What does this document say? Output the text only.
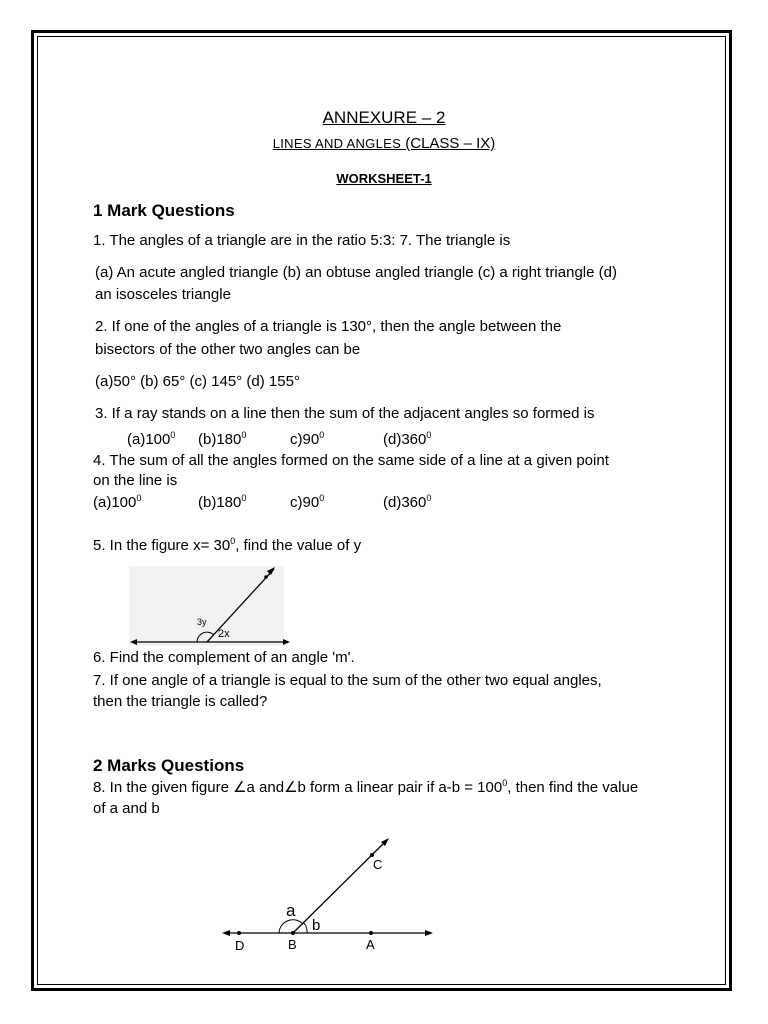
ANNEXURE – 2
LINES AND ANGLES (CLASS – IX)
WORKSHEET-1
1 Mark Questions
1. The angles of a triangle are in the ratio 5:3: 7. The triangle is
(a) An acute angled triangle (b) an obtuse angled triangle (c) a right triangle (d)
an isosceles triangle
2. If one of the angles of a triangle is 130°, then the angle between the
bisectors of the other two angles can be
(a)50° (b) 65° (c) 145° (d) 155°
3. If a ray stands on a line then the sum of the adjacent angles so formed is
$(a)100^0$ $(b)180^0$	$c)90^0$	$(d)360^0$
4. The sum of all the angles formed on the same side of a line at a given point
on the line is
$(a)100^0$	$(b)180^0$	$c)90^0$	$(d)360^0$
5. In the figure $x= 30^0$, find the value of y
3y
2x
6. Find the complement of an angle 'm'.
7. If one angle of a triangle is equal to the sum of the other two equal angles,
then the triangle is called?
2 Marks Questions
8. In the given figure ∠a and∠b form a linear pair if $a-b = 100^0$, then find the value
of a and b
a
b
C
D	B	A
